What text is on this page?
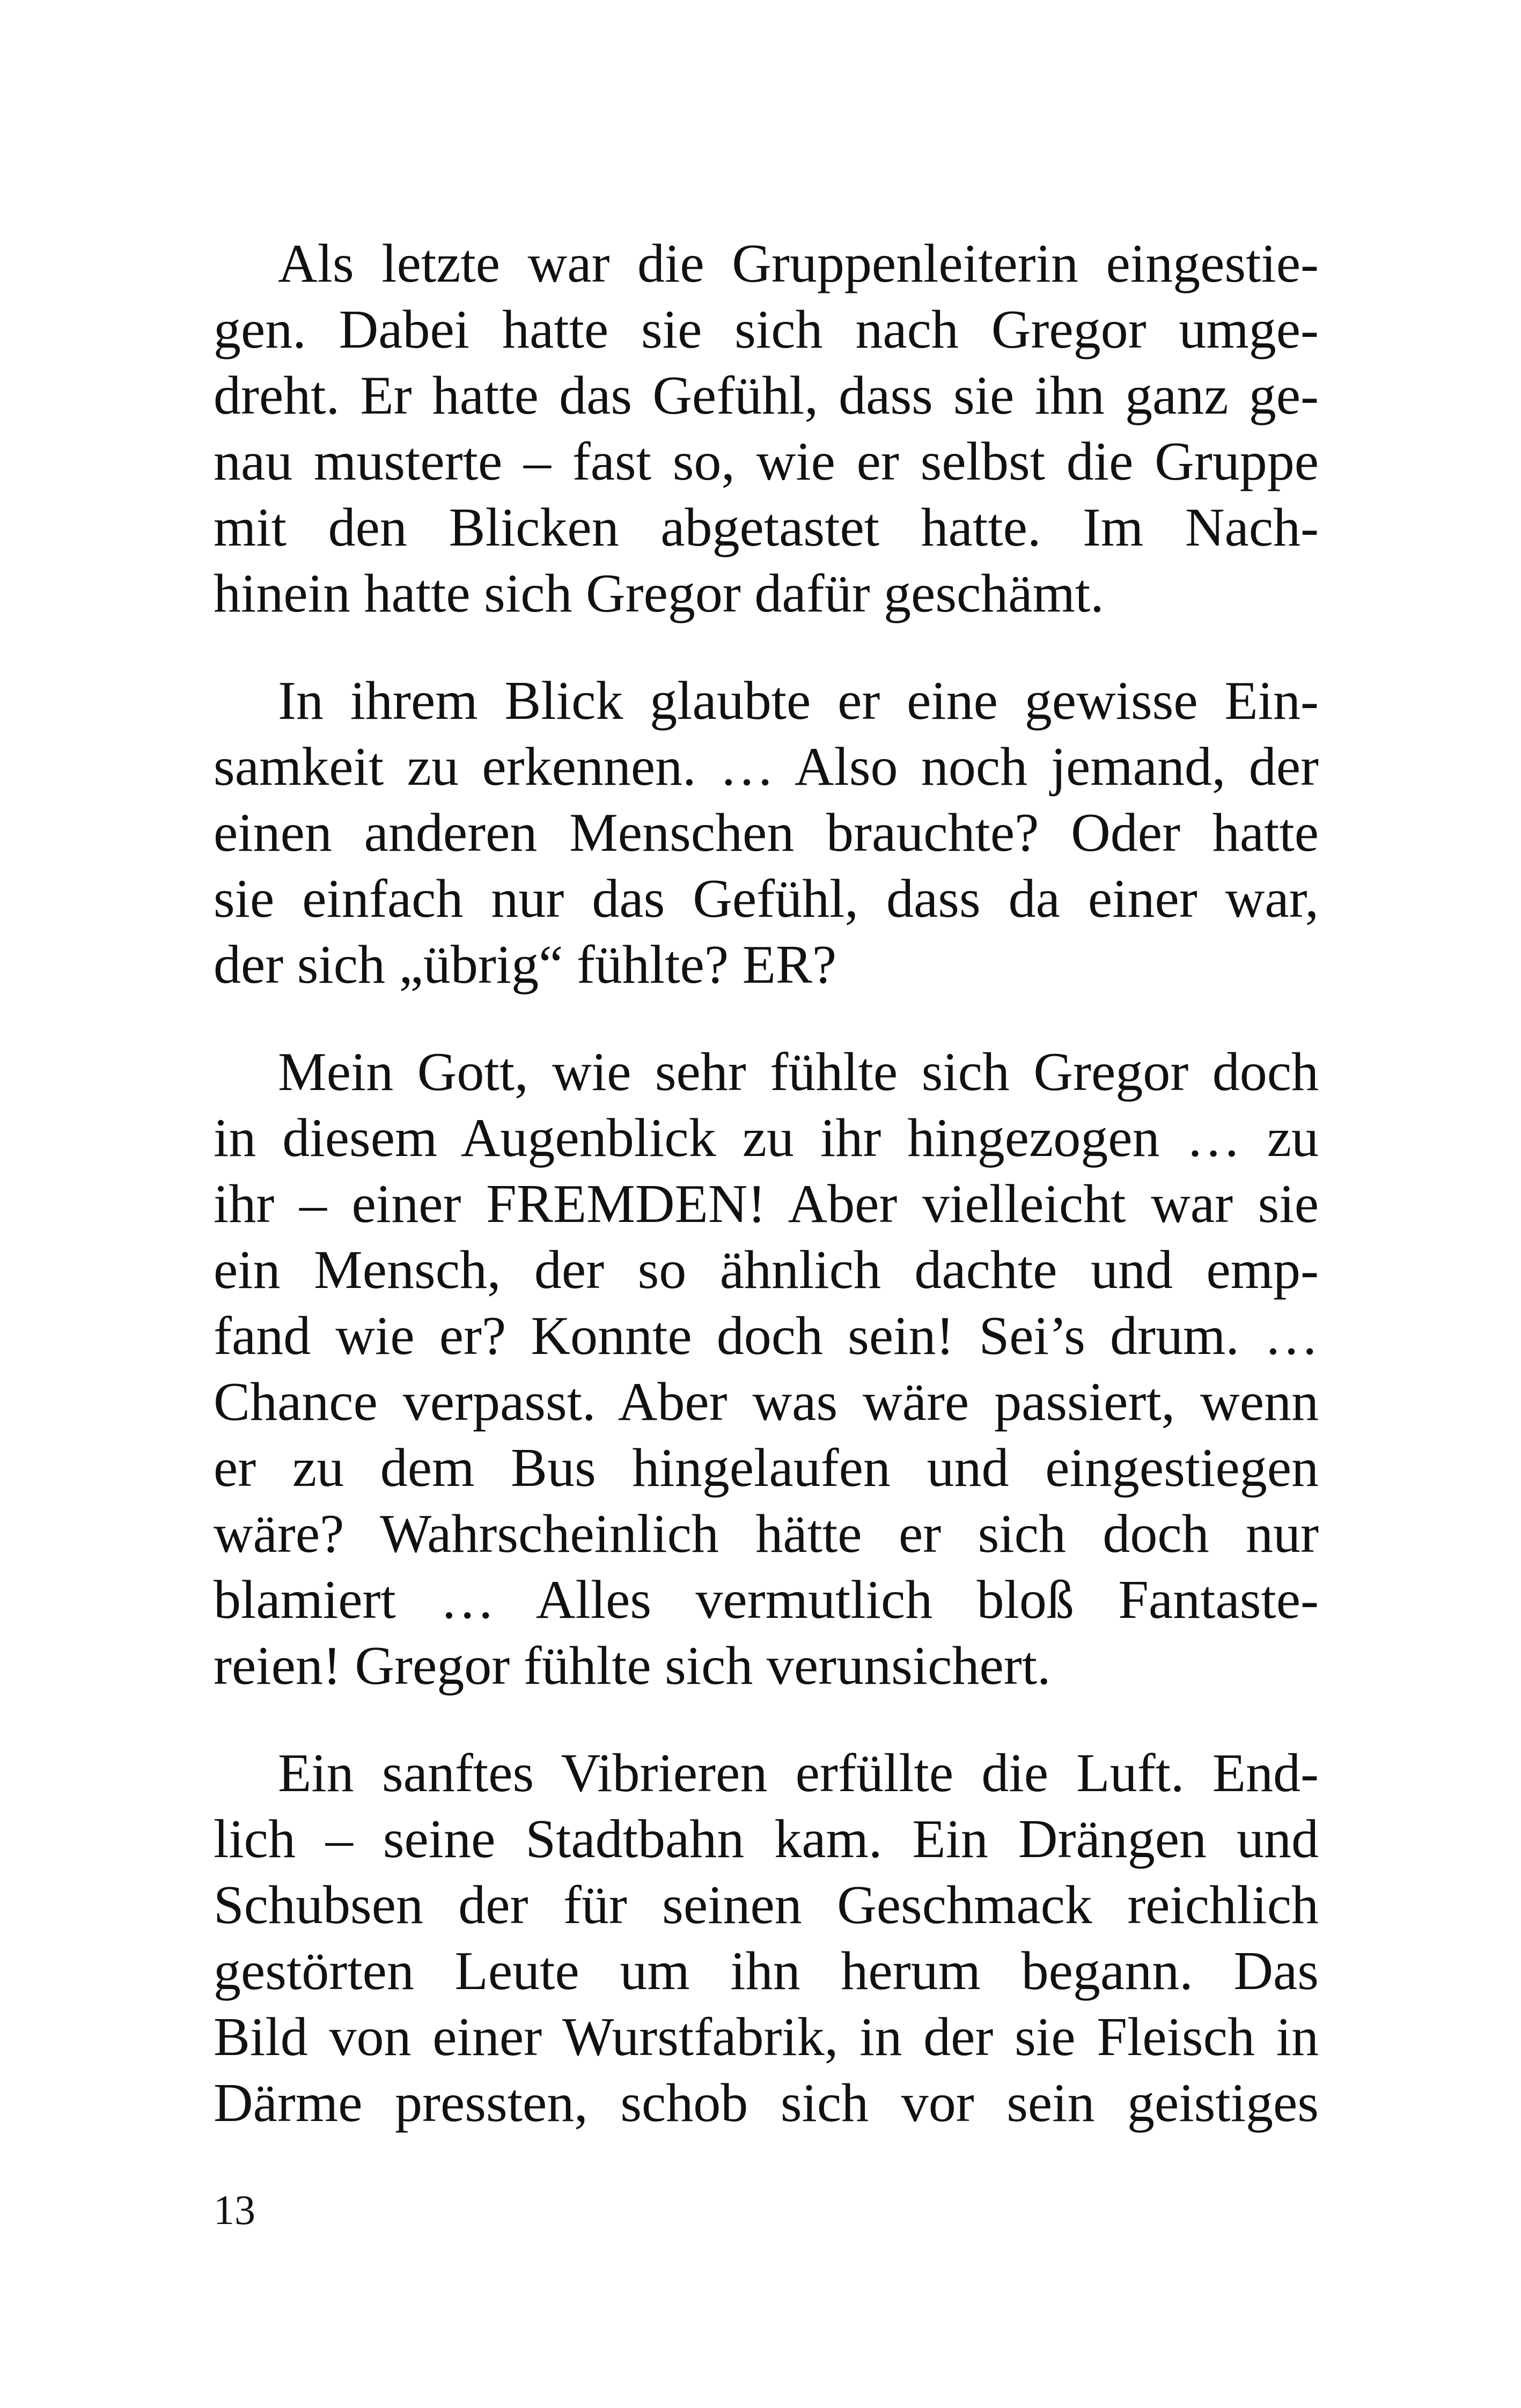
Als letzte war die Gruppenleiterin eingestie-
gen. Dabei hatte sie sich nach Gregor umge-
dreht. Er hatte das Gefühl, dass sie ihn ganz ge-
nau musterte – fast so, wie er selbst die Gruppe
mit den Blicken abgetastet hatte. Im Nach-
hinein hatte sich Gregor dafür geschämt.

In ihrem Blick glaubte er eine gewisse Ein-
samkeit zu erkennen. … Also noch jemand, der
einen anderen Menschen brauchte? Oder hatte
sie einfach nur das Gefühl, dass da einer war,
der sich „übrig“ fühlte? ER?

Mein Gott, wie sehr fühlte sich Gregor doch
in diesem Augenblick zu ihr hingezogen … zu
ihr – einer FREMDEN! Aber vielleicht war sie
ein Mensch, der so ähnlich dachte und emp-
fand wie er? Konnte doch sein! Sei’s drum. …
Chance verpasst. Aber was wäre passiert, wenn
er zu dem Bus hingelaufen und eingestiegen
wäre? Wahrscheinlich hätte er sich doch nur
blamiert … Alles vermutlich bloß Fantaste-
reien! Gregor fühlte sich verunsichert.

Ein sanftes Vibrieren erfüllte die Luft. End-
lich – seine Stadtbahn kam. Ein Drängen und
Schubsen der für seinen Geschmack reichlich
gestörten Leute um ihn herum begann. Das
Bild von einer Wurstfabrik, in der sie Fleisch in
Därme pressten, schob sich vor sein geistiges

13
